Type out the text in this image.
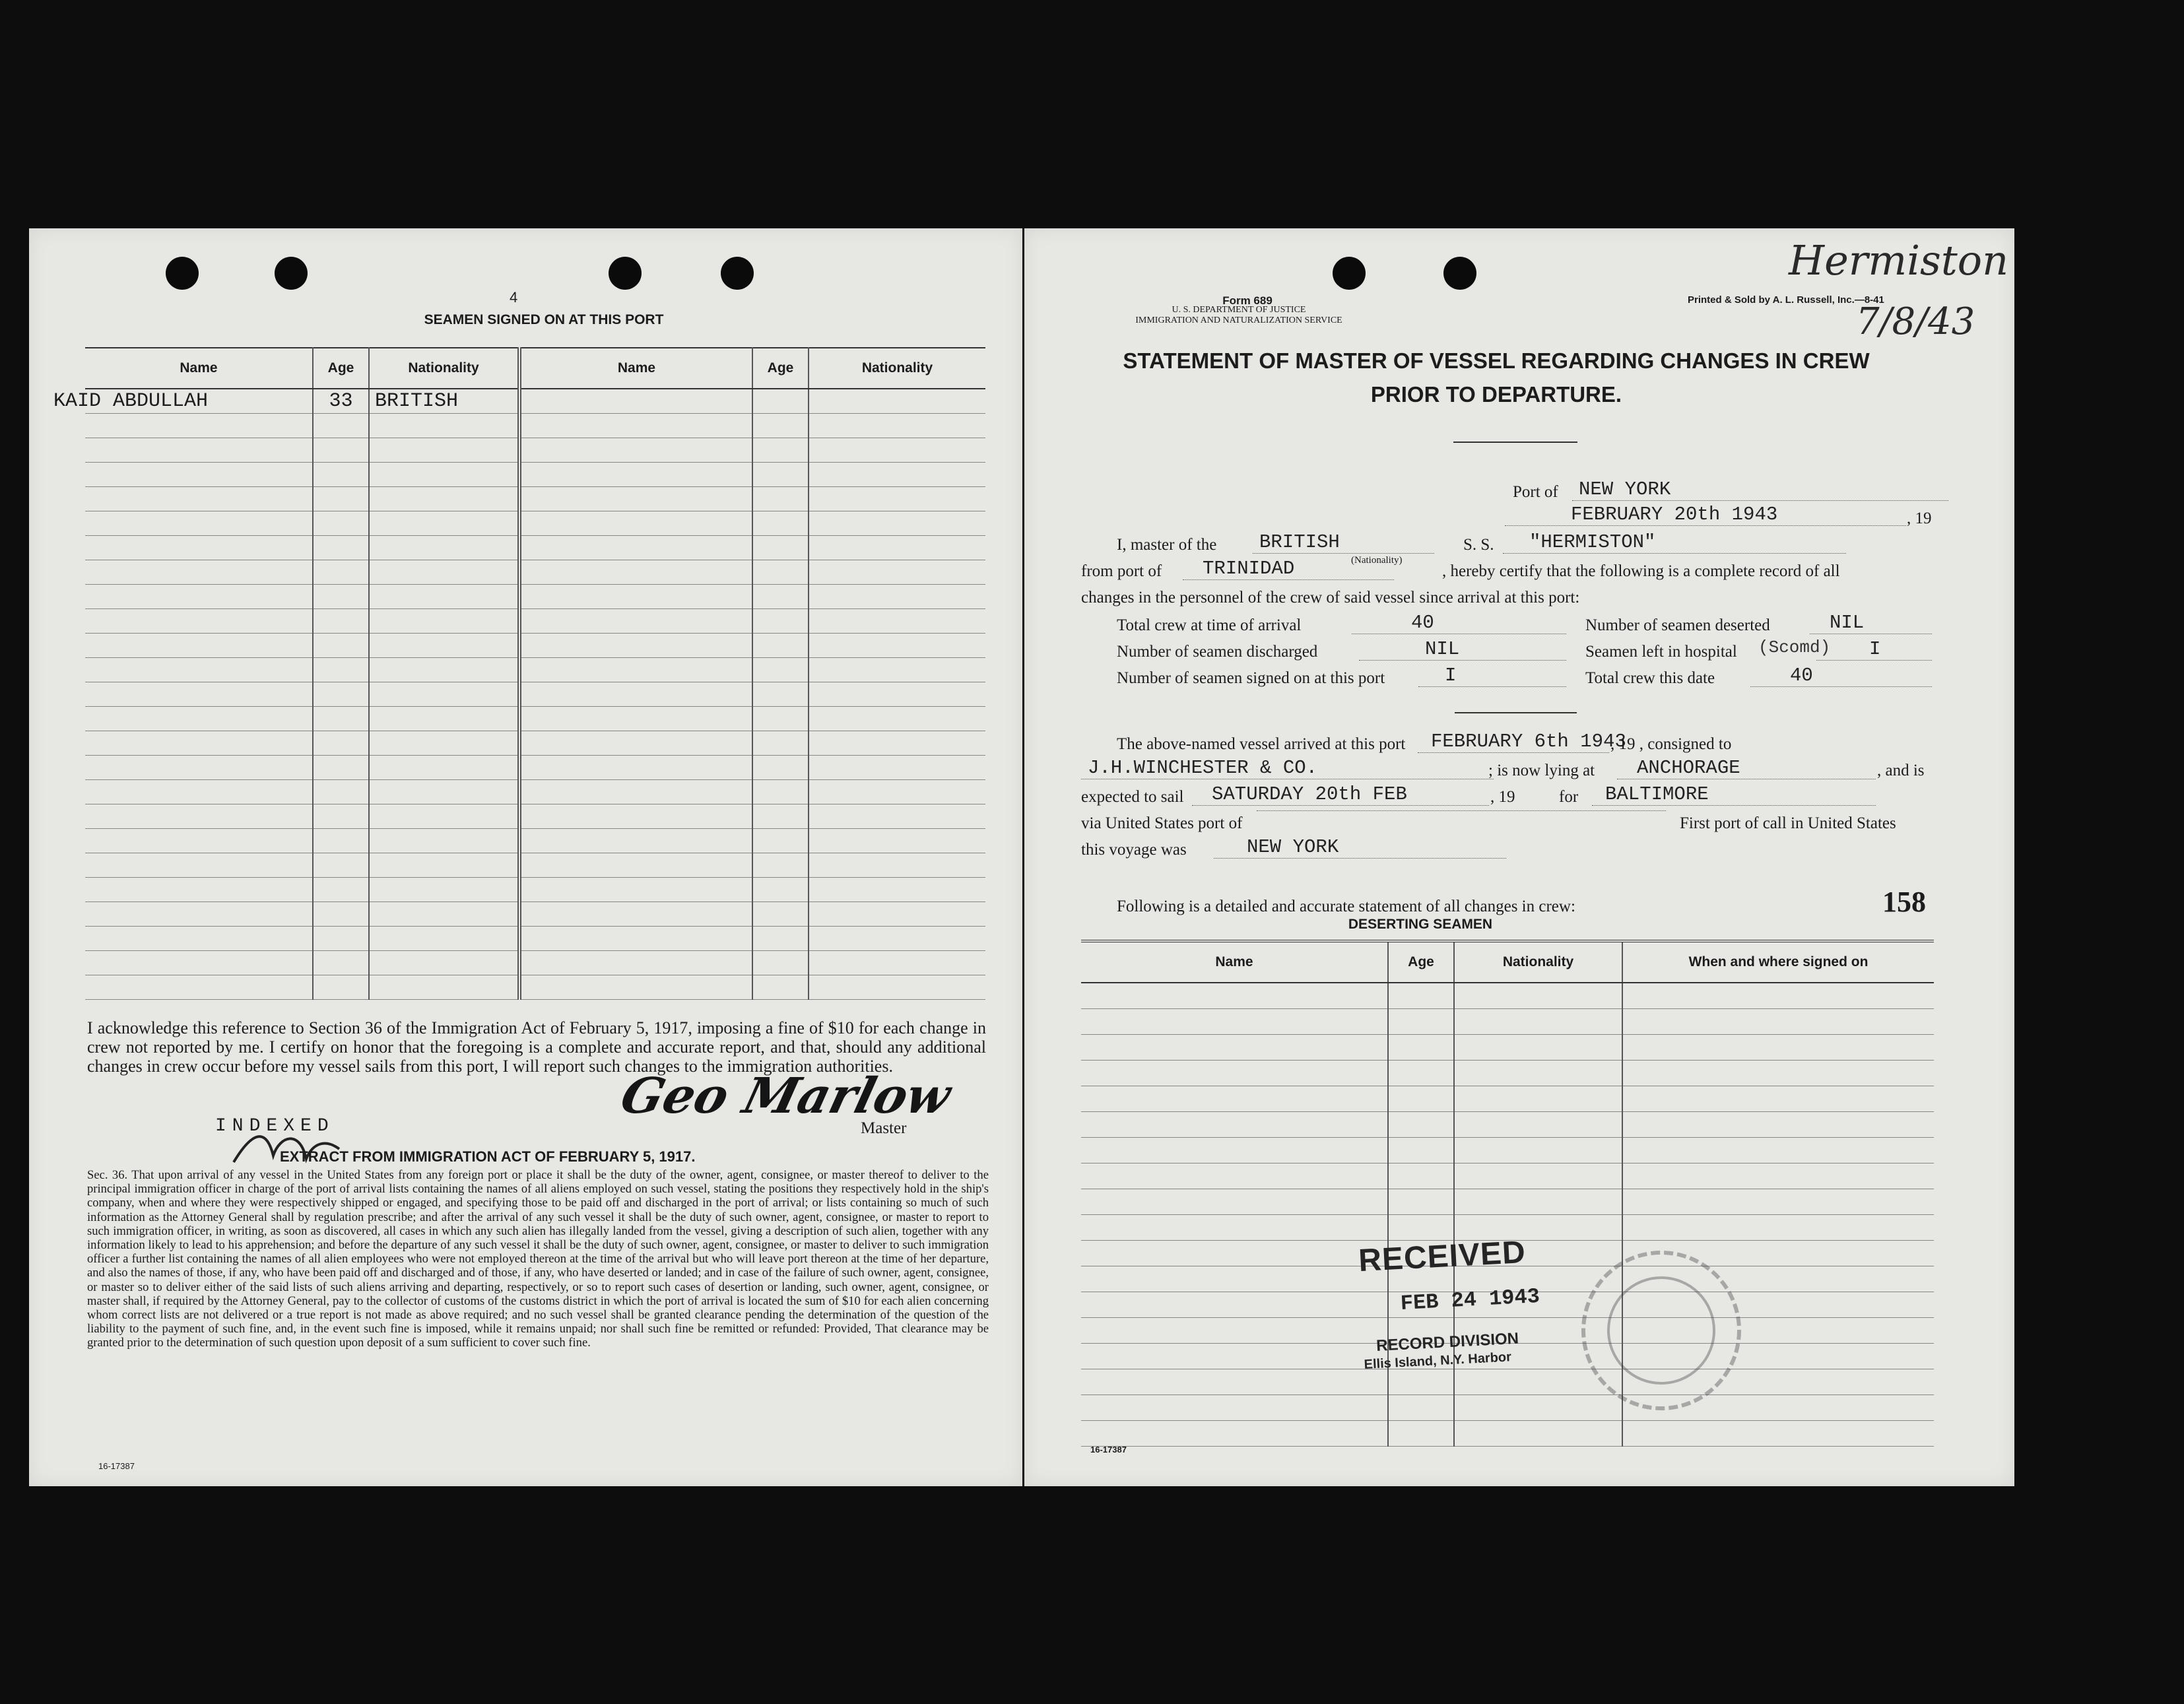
4
SEAMEN SIGNED ON AT THIS PORT
Name	Age	Nationality	Name	Age	Nationality
KAID ABDULLAH	33	BRITISH			

I acknowledge this reference to Section 36 of the Immigration Act of February 5, 1917, imposing a fine of $10 for each change in crew not reported by me. I certify on honor that the foregoing is a complete and accurate report, and that, should any additional changes in crew occur before my vessel sails from this port, I will report such changes to the immigration authorities.
Geo Marlow
Master
INDEXED
EXTRACT FROM IMMIGRATION ACT OF FEBRUARY 5, 1917.
Sec. 36. That upon arrival of any vessel in the United States from any foreign port or place it shall be the duty of the owner, agent, consignee, or master thereof to deliver to the principal immigration officer in charge of the port of arrival lists containing the names of all aliens employed on such vessel, stating the positions they respectively hold in the ship's company, when and where they were respectively shipped or engaged, and specifying those to be paid off and discharged in the port of arrival; or lists containing so much of such information as the Attorney General shall by regulation prescribe; and after the arrival of any such vessel it shall be the duty of such owner, agent, consignee, or master to report to such immigration officer, in writing, as soon as discovered, all cases in which any such alien has illegally landed from the vessel, giving a description of such alien, together with any information likely to lead to his apprehension; and before the departure of any such vessel it shall be the duty of such owner, agent, consignee, or master to deliver to such immigration officer a further list containing the names of all alien employees who were not employed thereon at the time of the arrival but who will leave port thereon at the time of her departure, and also the names of those, if any, who have been paid off and discharged and of those, if any, who have deserted or landed; and in case of the failure of such owner, agent, consignee, or master so to deliver either of the said lists of such aliens arriving and departing, respectively, or so to report such cases of desertion or landing, such owner, agent, consignee, or master shall, if required by the Attorney General, pay to the collector of customs of the customs district in which the port of arrival is located the sum of $10 for each alien concerning whom correct lists are not delivered or a true report is not made as above required; and no such vessel shall be granted clearance pending the determination of the question of the liability to the payment of such fine, and, in the event such fine is imposed, while it remains unpaid; nor shall such fine be remitted or refunded: Provided, That clearance may be granted prior to the determination of such question upon deposit of a sum sufficient to cover such fine.
16-17387
Form 689
U. S. DEPARTMENT OF JUSTICE
IMMIGRATION AND NATURALIZATION SERVICE
Printed & Sold by A. L. Russell, Inc.—8-41
Hermiston
7/8/43
STATEMENT OF MASTER OF VESSEL REGARDING CHANGES IN CREW
PRIOR TO DEPARTURE.
Port of	NEW YORK
FEBRUARY 20th 1943	, 19
I, master of the	BRITISH
(Nationality)
S. S.	"HERMISTON"
from port of	TRINIDAD	, hereby certify that the following is a complete record of all
changes in the personnel of the crew of said vessel since arrival at this port:
Total crew at time of arrival	40	Number of seamen deserted	NIL
Number of seamen discharged	NIL	Seamen left in hospital (Scomd)	I
Number of seamen signed on at this port	I	Total crew this date	40
The above-named vessel arrived at this port	FEBRUARY 6th 1943
, 19 , consigned to
J.H.WINCHESTER & CO.	; is now lying at	ANCHORAGE	, and is
expected to sail	SATURDAY 20th FEB	, 19	for	BALTIMORE
via United States port of	First port of call in United States
this voyage was	NEW YORK
Following is a detailed and accurate statement of all changes in crew:	158
DESERTING SEAMEN
Name	Age	Nationality	When and where signed on

RECEIVED
FEB 24 1943
RECORD DIVISION
Ellis Island, N.Y. Harbor
16-17387
